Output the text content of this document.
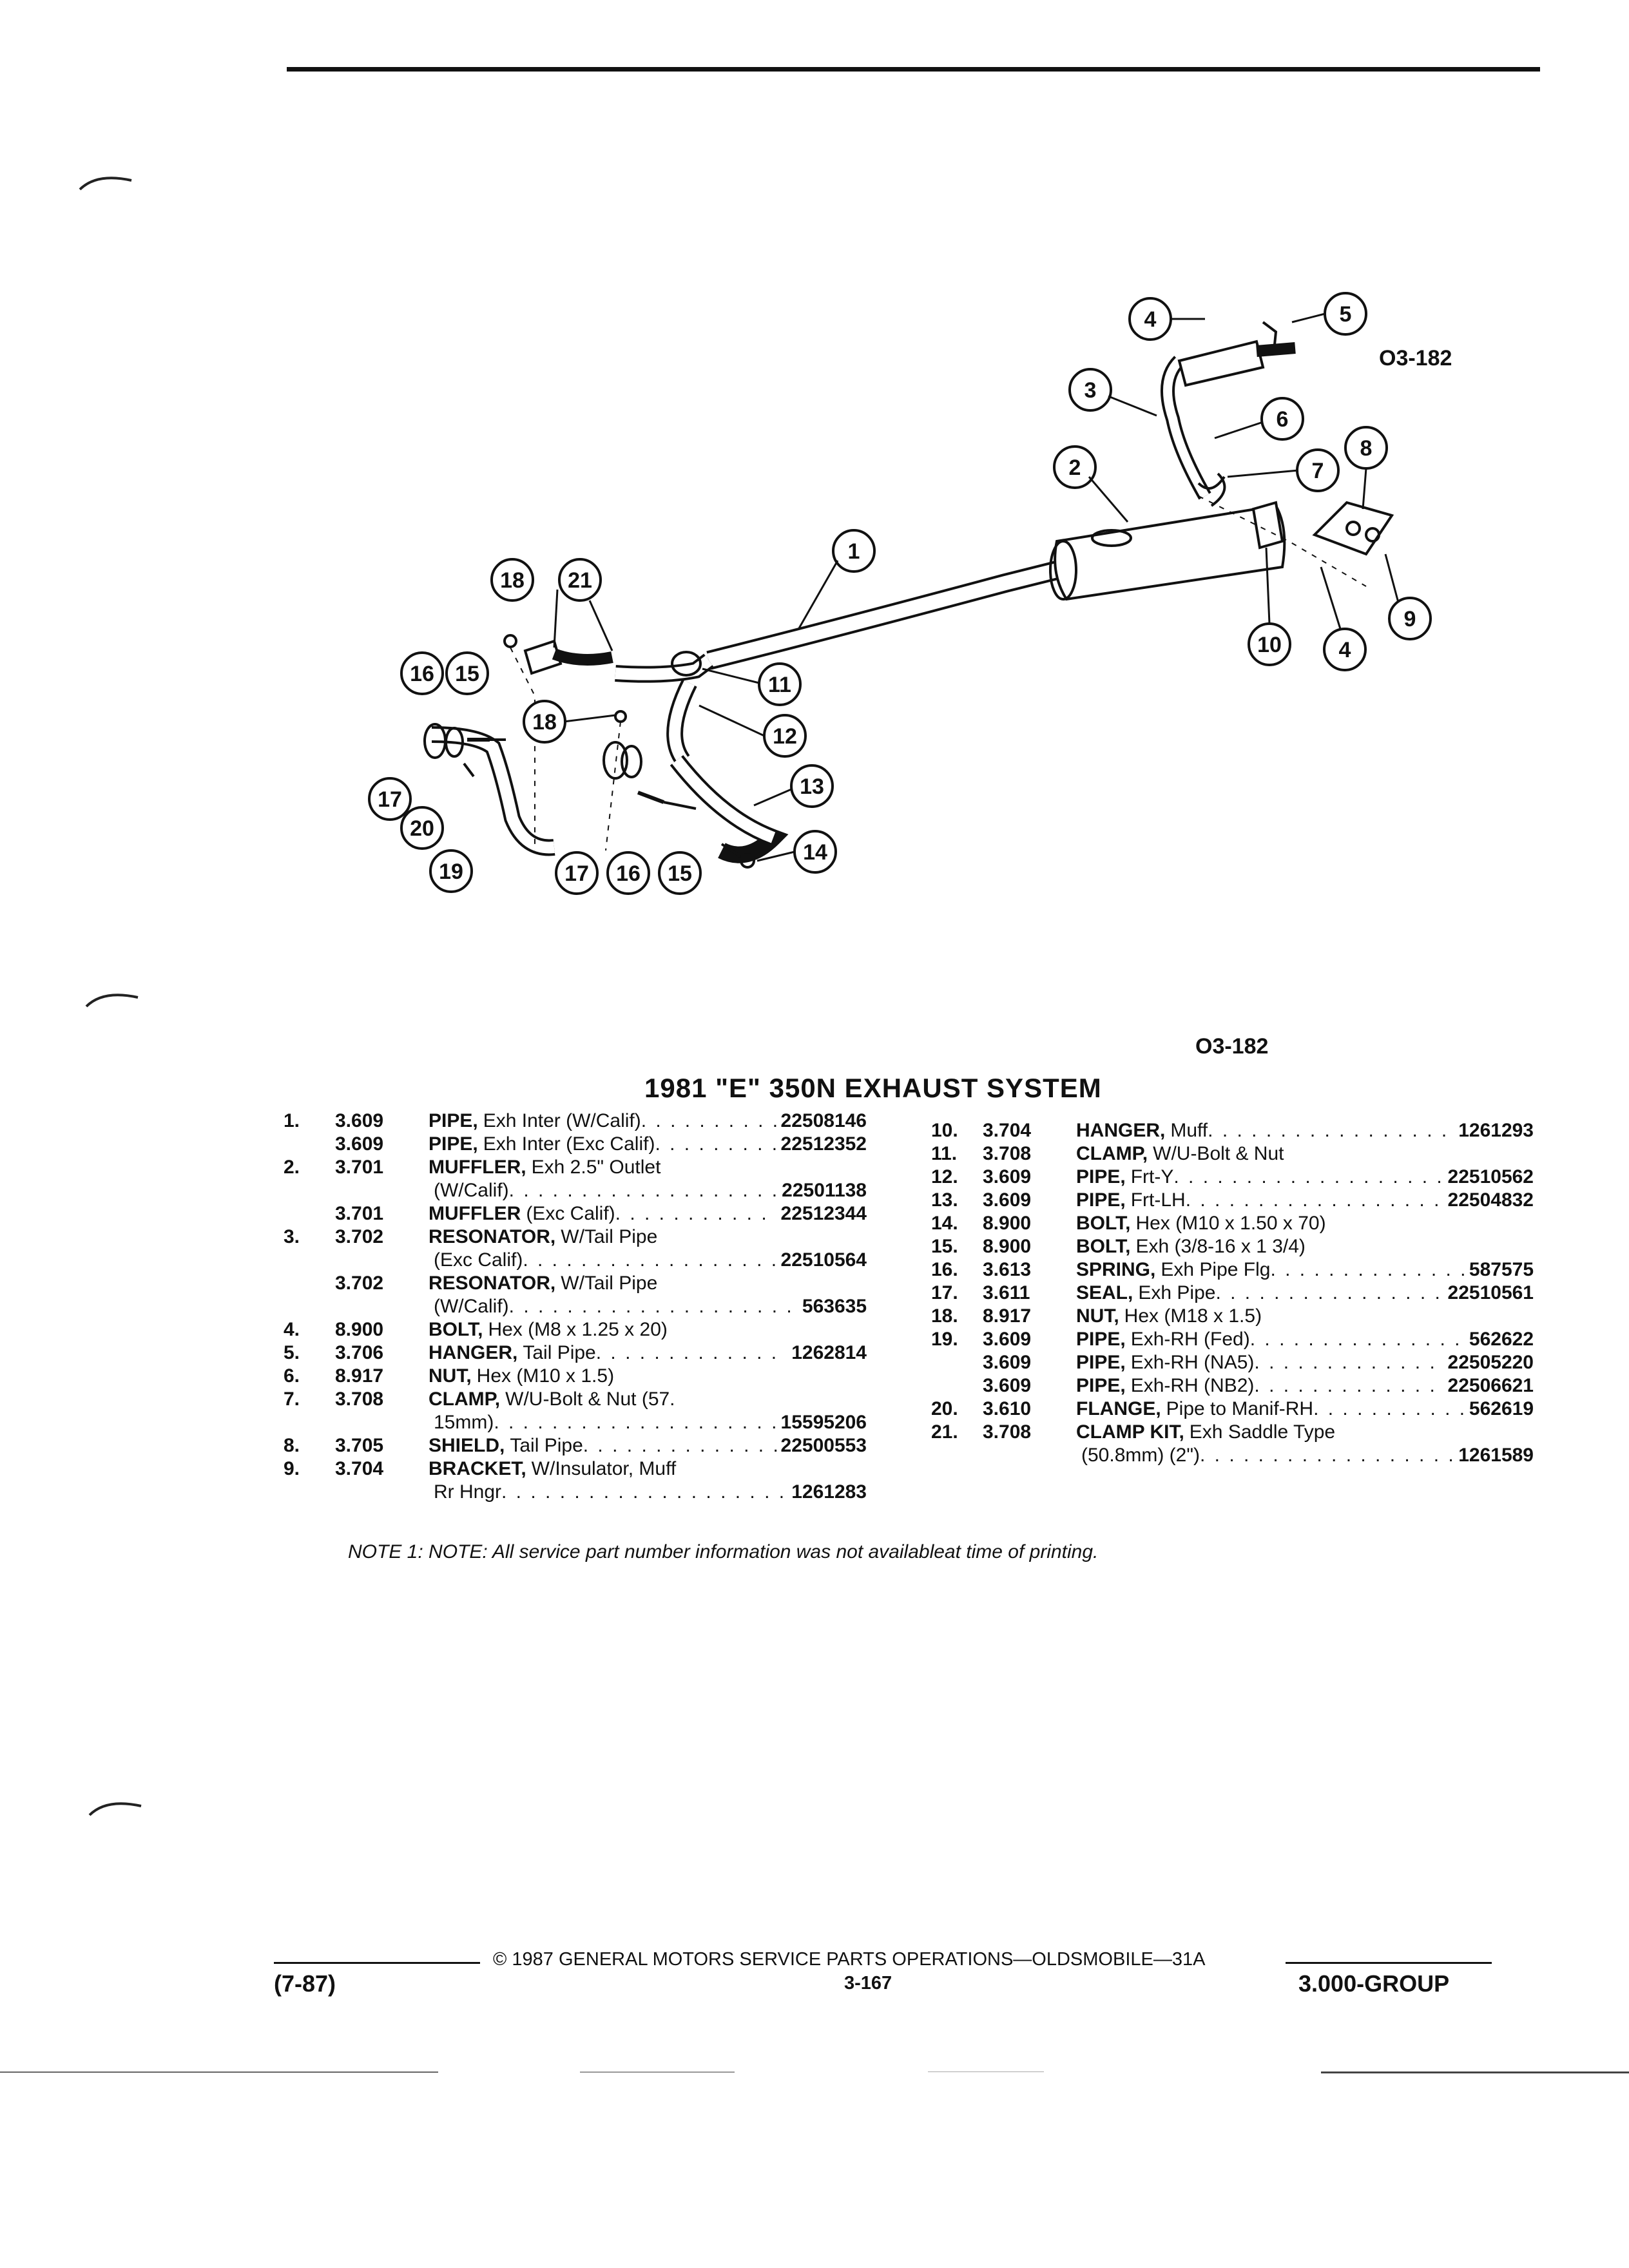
O3-182
1
2
3
4	5
6
7
8
9
10	4
11
12
13
14
15
16
17
18 21
18
20
19	17 16 15
O3-182
1981 "E" 350N EXHAUST SYSTEM
1.	3.609	PIPE, Exh Inter (W/Calif) . . .	22508146
3.609	PIPE, Exh Inter (Exc Calif) . . .	22512352
2.	3.701	MUFFLER, Exh 2.5" Outlet
(W/Calif) . . .	22501138
3.701	MUFFLER (Exc Calif) . . .	22512344
3.	3.702	RESONATOR, W/Tail Pipe
(Exc Calif) . . .	22510564
3.702	RESONATOR, W/Tail Pipe
(W/Calif) . . .	563635
4.	8.900	BOLT, Hex (M8 x 1.25 x 20)
5.	3.706	HANGER, Tail Pipe . . .	1262814
6.	8.917	NUT, Hex (M10 x 1.5)
7.	3.708	CLAMP, W/U-Bolt & Nut (57.
15mm) . . .	15595206
8.	3.705	SHIELD, Tail Pipe . . .	22500553
9.	3.704	BRACKET, W/Insulator, Muff
Rr Hngr . . .	1261283
10.	3.704	HANGER, Muff . . .	1261293
11.	3.708	CLAMP, W/U-Bolt & Nut
12.	3.609	PIPE, Frt-Y . . .	22510562
13.	3.609	PIPE, Frt-LH . . .	22504832
14.	8.900	BOLT, Hex (M10 x 1.50 x 70)
15.	8.900	BOLT, Exh (3/8-16 x 1 3/4)
16.	3.613	SPRING, Exh Pipe Flg . . .	587575
17.	3.611	SEAL, Exh Pipe . . .	22510561
18.	8.917	NUT, Hex (M18 x 1.5)
19.	3.609	PIPE, Exh-RH (Fed) . . .	562622
3.609	PIPE, Exh-RH (NA5) . . .	22505220
3.609	PIPE, Exh-RH (NB2) . . .	22506621
20.	3.610	FLANGE, Pipe to Manif-RH . . .	562619
21.	3.708	CLAMP KIT, Exh Saddle Type
(50.8mm) (2") . . .	1261589
NOTE 1: NOTE: All service part number information was not availableat time of printing.
© 1987 GENERAL MOTORS SERVICE PARTS OPERATIONS—OLDSMOBILE—31A
(7-87)	3-167	3.000-GROUP
